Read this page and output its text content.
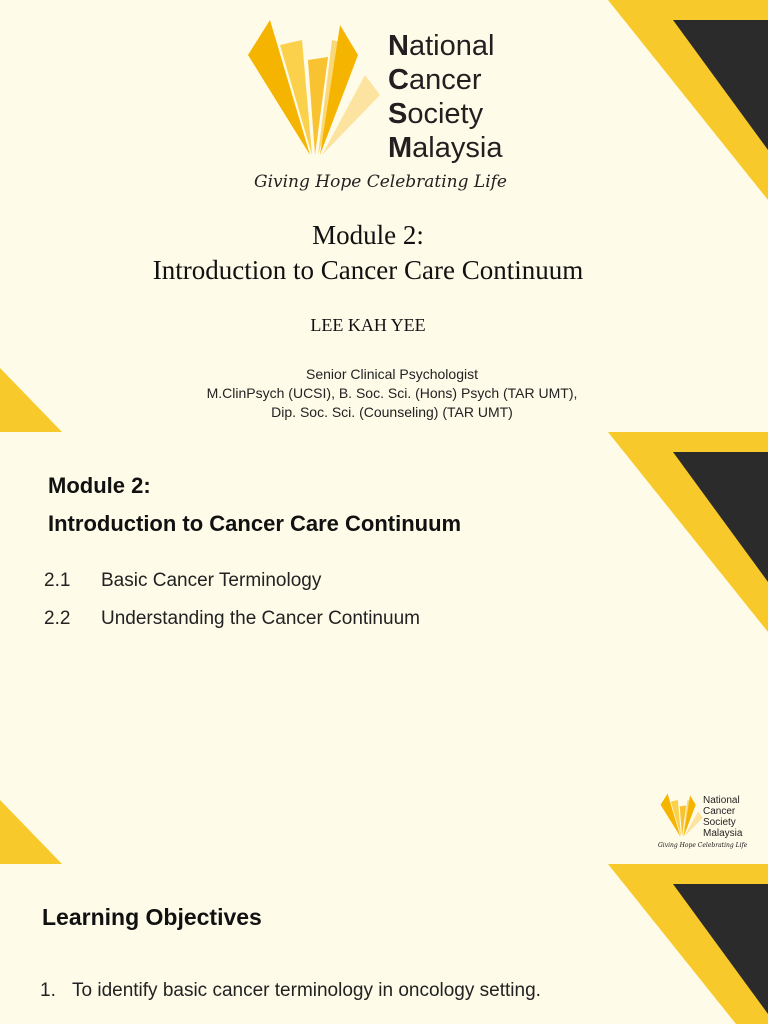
National
Cancer
Society
Malaysia
Giving Hope Celebrating Life
Module 2:
Introduction to Cancer Care Continuum
LEE KAH YEE
Senior Clinical Psychologist
M.ClinPsych (UCSI), B. Soc. Sci. (Hons) Psych (TAR UMT),
Dip. Soc. Sci. (Counseling) (TAR UMT)
Module 2:
Introduction to Cancer Care Continuum
2.1	Basic Cancer Terminology
2.2	Understanding the Cancer Continuum
National
Cancer
Society
Malaysia
Giving Hope Celebrating Life
Learning Objectives
1. To identify basic cancer terminology in oncology setting.
